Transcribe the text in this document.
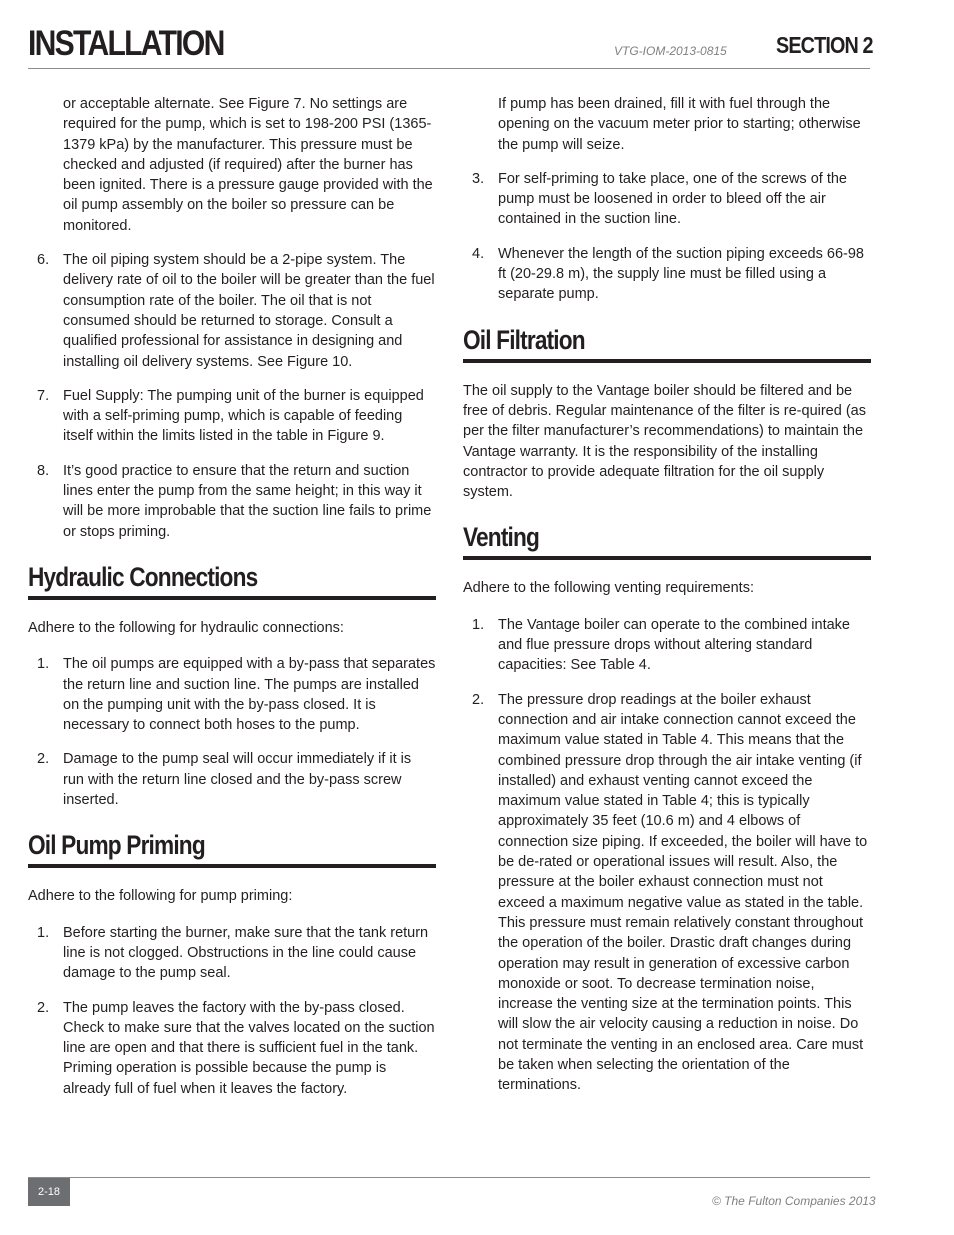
INSTALLATION	VTG-IOM-2013-0815 SECTION 2

or acceptable alternate. See Figure 7. No settings are required for the pump, which is set to 198-200 PSI (1365-1379 kPa) by the manufacturer. This pressure must be checked and adjusted (if required) after the burner has been ignited. There is a pressure gauge provided with the oil pump assembly on the boiler so pressure can be monitored.

6. The oil piping system should be a 2-pipe system. The delivery rate of oil to the boiler will be greater than the fuel consumption rate of the boiler. The oil that is not consumed should be returned to storage. Consult a qualified professional for assistance in designing and installing oil delivery systems. See Figure 10.
7. Fuel Supply: The pumping unit of the burner is equipped with a self-priming pump, which is capable of feeding itself within the limits listed in the table in Figure 9.
8. It’s good practice to ensure that the return and suction lines enter the pump from the same height; in this way it will be more improbable that the suction line fails to prime or stops priming.
Hydraulic Connections

Adhere to the following for hydraulic connections:

1. The oil pumps are equipped with a by-pass that separates the return line and suction line. The pumps are installed on the pumping unit with the by-pass closed. It is necessary to connect both hoses to the pump.
2. Damage to the pump seal will occur immediately if it is run with the return line closed and the by-pass screw inserted.
Oil Pump Priming

Adhere to the following for pump priming:

1. Before starting the burner, make sure that the tank return line is not clogged. Obstructions in the line could cause damage to the pump seal.
2. The pump leaves the factory with the by-pass closed. Check to make sure that the valves located on the suction line are open and that there is sufficient fuel in the tank. Priming operation is possible because the pump is already full of fuel when it leaves the factory.

If pump has been drained, fill it with fuel through the opening on the vacuum meter prior to starting; otherwise the pump will seize.

3. For self-priming to take place, one of the screws of the pump must be loosened in order to bleed off the air contained in the suction line.
4. Whenever the length of the suction piping exceeds 66-98 ft (20-29.8 m), the supply line must be filled using a separate pump.
Oil Filtration

The oil supply to the Vantage boiler should be filtered and be free of debris. Regular maintenance of the filter is re-quired (as per the filter manufacturer’s recommendations) to maintain the Vantage warranty. It is the responsibility of the installing contractor to provide adequate filtration for the oil supply system.

Venting

Adhere to the following venting requirements:

1. The Vantage boiler can operate to the combined intake and flue pressure drops without altering standard capacities: See Table 4.
2. The pressure drop readings at the boiler exhaust connection and air intake connection cannot exceed the maximum value stated in Table 4. This means that the combined pressure drop through the air intake venting (if installed) and exhaust venting cannot exceed the maximum value stated in Table 4; this is typically approximately 35 feet (10.6 m) and 4 elbows of connection size piping. If exceeded, the boiler will have to be de-rated or operational issues will result. Also, the pressure at the boiler exhaust connection must not exceed a maximum negative value as stated in the table. This pressure must remain relatively constant throughout the operation of the boiler. Drastic draft changes during operation may result in generation of excessive carbon monoxide or soot. To decrease termination noise, increase the venting size at the termination points. This will slow the air velocity causing a reduction in noise. Do not terminate the venting in an enclosed area. Care must be taken when selecting the orientation of the terminations.
2-18
© The Fulton Companies 2013
